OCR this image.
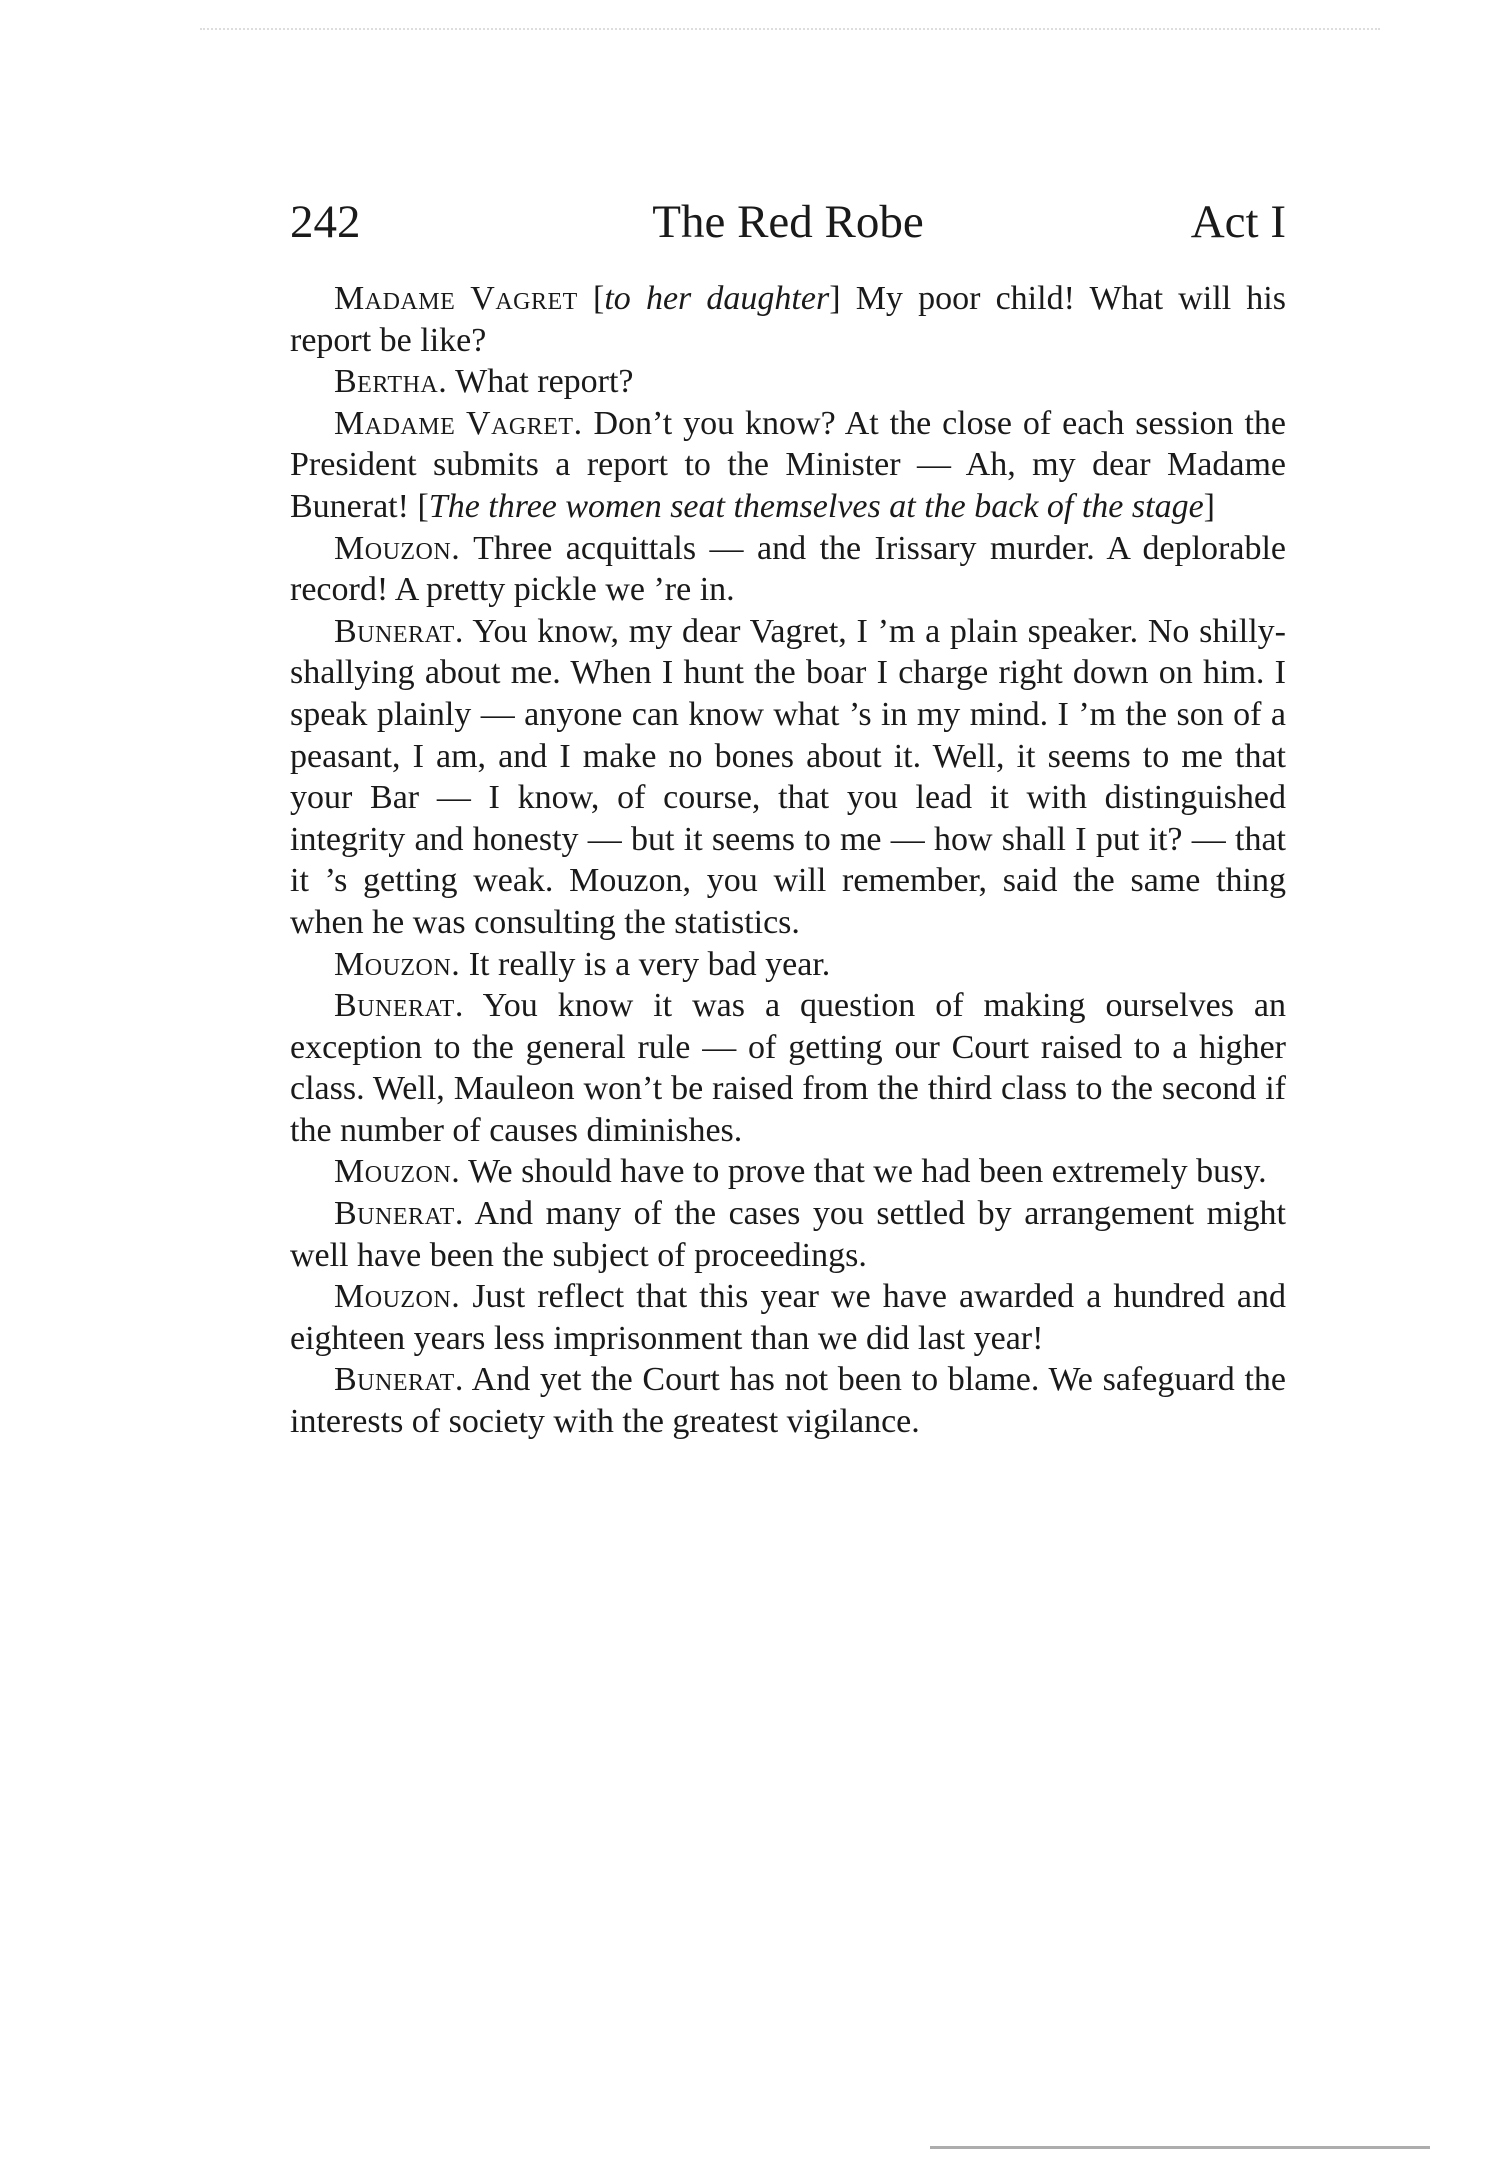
242	The Red Robe	Act I

Madame Vagret [to her daughter] My poor child! What will his report be like?

Bertha. What report?

Madame Vagret. Don’t you know? At the close of each session the President submits a report to the Minister — Ah, my dear Madame Bunerat! [The three women seat themselves at the back of the stage]

Mouzon. Three acquittals — and the Irissary murder. A deplorable record! A pretty pickle we ’re in.

Bunerat. You know, my dear Vagret, I ’m a plain speaker. No shilly-shallying about me. When I hunt the boar I charge right down on him. I speak plainly — anyone can know what ’s in my mind. I ’m the son of a peasant, I am, and I make no bones about it. Well, it seems to me that your Bar — I know, of course, that you lead it with distinguished integrity and honesty — but it seems to me — how shall I put it? — that it ’s getting weak. Mouzon, you will remember, said the same thing when he was consulting the statistics.

Mouzon. It really is a very bad year.

Bunerat. You know it was a question of making ourselves an exception to the general rule — of getting our Court raised to a higher class. Well, Mauleon won’t be raised from the third class to the second if the number of causes diminishes.

Mouzon. We should have to prove that we had been extremely busy.

Bunerat. And many of the cases you settled by arrangement might well have been the subject of proceedings.

Mouzon. Just reflect that this year we have awarded a hundred and eighteen years less imprisonment than we did last year!

Bunerat. And yet the Court has not been to blame. We safeguard the interests of society with the greatest vigilance.
